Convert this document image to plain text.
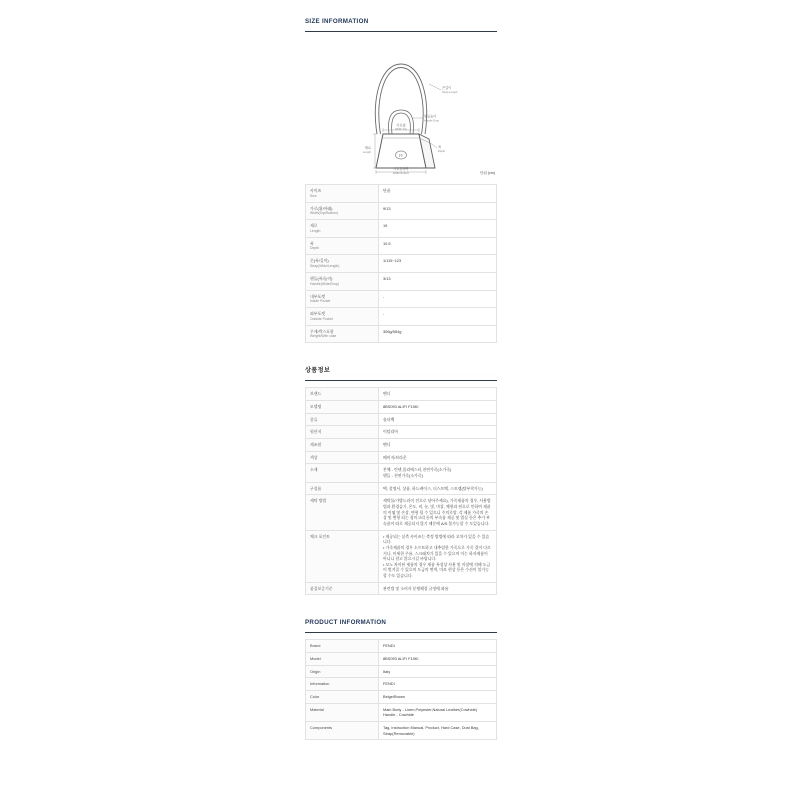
SIZE INFORMATION
FF
끈길이
Strap Length
핸들높이
Handle Drop
가로윗
Width Top
세로
Length
폭
Depth
가로밑바닥
Width Bottom	단위 (cm)
사이즈
Size	단품

가로(위/아래)
Width(Top/Bottom)	9/13

세로
Length	19

폭
Depth	10.5

끈(폭/길이)
Strap(Wide/Length)	1/115~123

핸들(폭/높이)
Handle(Wide/Drop)	3/13

내부포켓
Inside Pocket	-

외부포켓
Outside Pocket	-

무게/박스포함
Weight/With case	306g/554g
상품정보
브랜드	펜디
모델명	8BS093 ALIFI F15KI
종류	숄더백
원산지	이탈리아
제조원	펜디
색상	베이지/브라운
소재	본체 - 린넨,폴리에스터,천연가죽(소가죽)
핸들 - 천연가죽(소가죽)
구성품	택, 설명서, 상품, 하드케이스, 더스트백, 스트랩(탈부착가능)
세탁 방법	세탁물/가방드라이 전으로 닦아주세요), 가죽제품의 경우, 사용방법과 환경습기, 온도, 비, 눈, 빛, 마찰, 체형과 핀으로 인하여 제품의 이염 및 손상, 변형 될 수 있으니 주의로암. 각 제품 가죽의 손상 및 변형 되는 경미고리 등의 부속품 제공 및 열실 등은 추가 부속품이 따로 제공되지 않기 때문에 A/S 불가능할 수 도있습니다.
체크 포인트	• 제공되는 실측 사이즈는 측정 방법에 따라 오차가 있을 수 있습니다.
• 가죽제품의 경우 소프트하고 내추럴한 가죽으로 가죽 결이 다르거나, 미세한 주름, 스크래치가 있을 수 있으며 이는 하자제품이 아니니 참고 않으시길 바랍니다.
• 모노 차이된 제품의 경우 제품 특성상 사용 및 마찰에 의해 도금이 벗겨질 수 있으며 도금의 변색, 마모 현상 등은 수선이 불가능할 수도 있습니다.
품질보증기준	관련법 및 소비자 분쟁해결 규정에 따름
PRODUCT INFORMATION
Brand	FENDI
Model	8BS093 ALIFI F15KI
Origin	Italy
Information	FENDI
Color	Beige/Brown
Material	Main Body - Linen,Polyester,Natural Leather(Cowhide)
Handle - Cowhide
Components	Tag, Instruction Manual, Product, Hard Case, Dust Bag, Strap(Removable)
